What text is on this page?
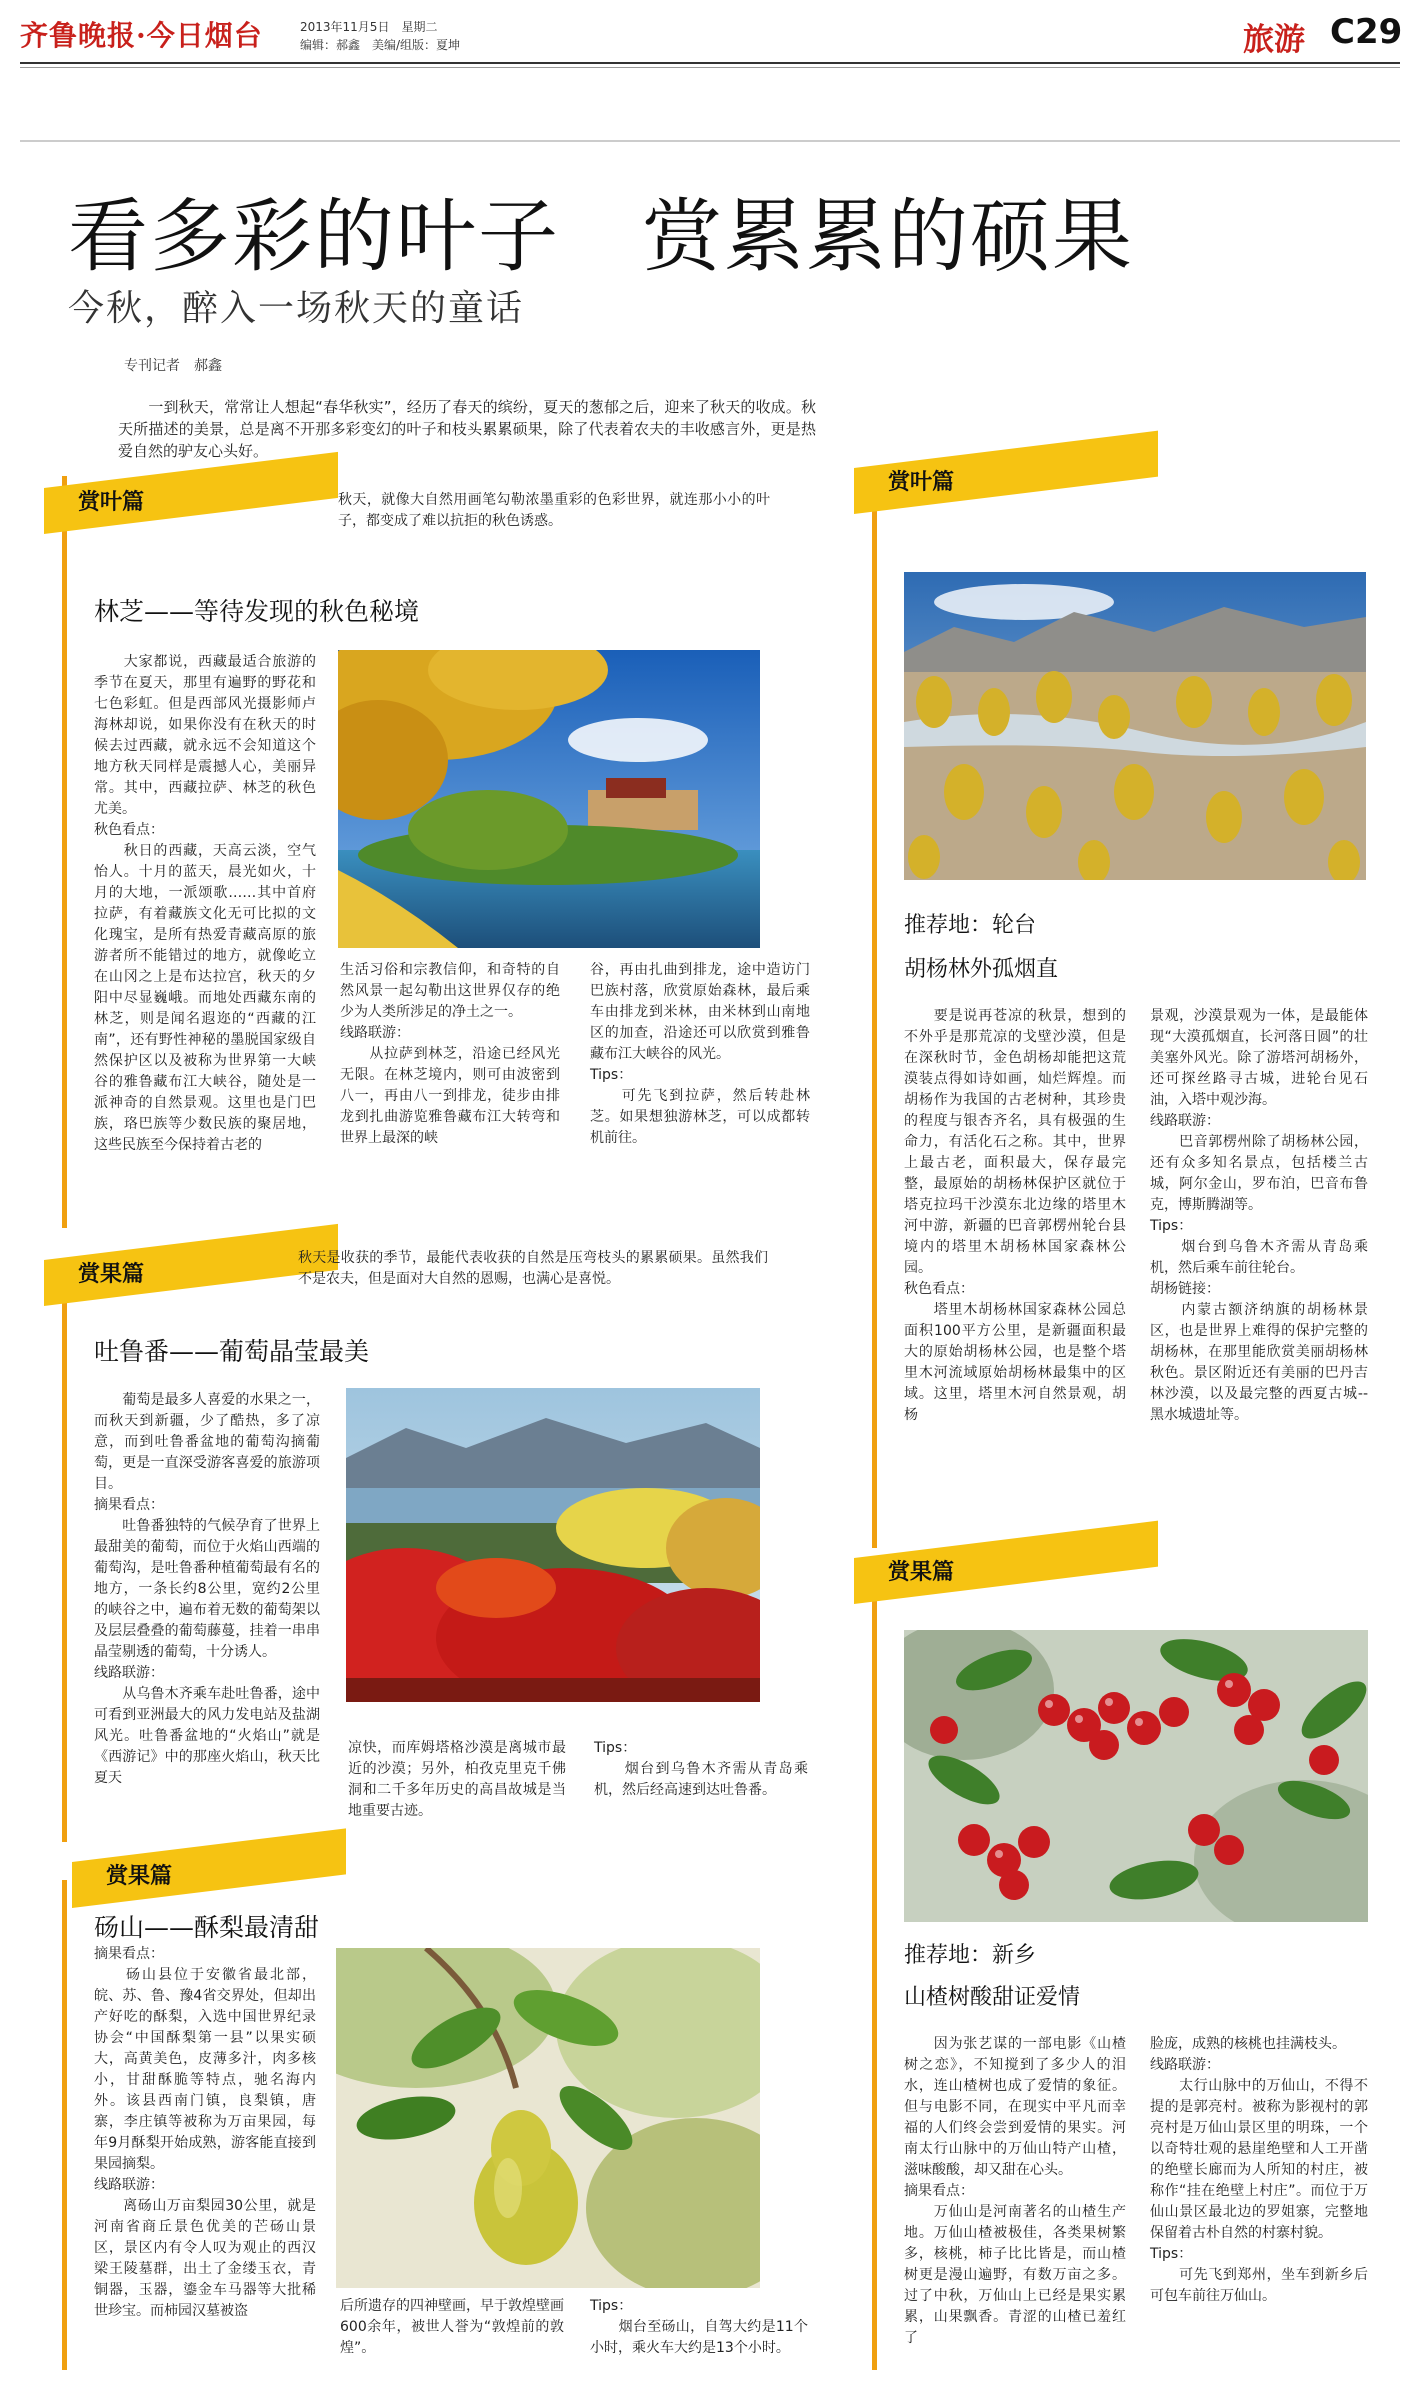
齐鲁晚报·今日烟台	2013年11月5日　星期二
编辑：郝鑫　美编/组版：夏坤	旅游 C29
看多彩的叶子　赏累累的硕果
今秋，醉入一场秋天的童话
专刊记者　郝鑫
　　一到秋天，常常让人想起“春华秋实”，经历了春天的缤纷，夏天的葱郁之后，迎来了秋天的收成。秋天所描述的美景，总是离不开那多彩变幻的叶子和枝头累累硕果，除了代表着农夫的丰收感言外，更是热爱自然的驴友心头好。
赏叶篇
赏叶篇
赏果篇
赏果篇
赏果篇
秋天，就像大自然用画笔勾勒浓墨重彩的色彩世界，就连那小小的叶子，都变成了难以抗拒的秋色诱惑。
秋天是收获的季节，最能代表收获的自然是压弯枝头的累累硕果。虽然我们不是农夫，但是面对大自然的恩赐，也满心是喜悦。
林芝——等待发现的秋色秘境
　　大家都说，西藏最适合旅游的季节在夏天，那里有遍野的野花和七色彩虹。但是西部风光摄影师卢海林却说，如果你没有在秋天的时候去过西藏，就永远不会知道这个地方秋天同样是震撼人心，美丽异常。其中，西藏拉萨、林芝的秋色尤美。
秋色看点：
　　秋日的西藏，天高云淡，空气怡人。十月的蓝天，晨光如火，十月的大地，一派颂歌……其中首府拉萨，有着藏族文化无可比拟的文化瑰宝，是所有热爱青藏高原的旅游者所不能错过的地方，就像屹立在山冈之上是布达拉宫，秋天的夕阳中尽显巍峨。而地处西藏东南的林芝，则是闻名遐迩的“西藏的江南”，还有野性神秘的墨脱国家级自然保护区以及被称为世界第一大峡谷的雅鲁藏布江大峡谷，随处是一派神奇的自然景观。这里也是门巴族，珞巴族等少数民族的聚居地，这些民族至今保持着古老的
生活习俗和宗教信仰，和奇特的自然风景一起勾勒出这世界仅存的绝少为人类所涉足的净土之一。
线路联游：
　　从拉萨到林芝，沿途已经风光无限。在林芝境内，则可由波密到八一，再由八一到排龙，徒步由排龙到扎曲游览雅鲁藏布江大转弯和世界上最深的峡
谷，再由扎曲到排龙，途中造访门巴族村落，欣赏原始森林，最后乘车由排龙到米林，由米林到山南地区的加查，沿途还可以欣赏到雅鲁藏布江大峡谷的风光。
Tips：
　　可先飞到拉萨，然后转赴林芝。如果想独游林芝，可以成都转机前往。
吐鲁番——葡萄晶莹最美
　　葡萄是最多人喜爱的水果之一，而秋天到新疆，少了酷热，多了凉意，而到吐鲁番盆地的葡萄沟摘葡萄，更是一直深受游客喜爱的旅游项目。
摘果看点：
　　吐鲁番独特的气候孕育了世界上最甜美的葡萄，而位于火焰山西端的葡萄沟，是吐鲁番种植葡萄最有名的地方，一条长约8公里，宽约2公里的峡谷之中，遍布着无数的葡萄架以及层层叠叠的葡萄藤蔓，挂着一串串晶莹剔透的葡萄，十分诱人。
线路联游：
　　从乌鲁木齐乘车赴吐鲁番，途中可看到亚洲最大的风力发电站及盐湖风光。吐鲁番盆地的“火焰山”就是《西游记》中的那座火焰山，秋天比夏天
凉快，而库姆塔格沙漠是离城市最近的沙漠；另外，柏孜克里克千佛洞和二千多年历史的高昌故城是当地重要古迹。
Tips：
　　烟台到乌鲁木齐需从青岛乘机，然后经高速到达吐鲁番。
砀山——酥梨最清甜
摘果看点：
　　砀山县位于安徽省最北部，皖、苏、鲁、豫4省交界处，但却出产好吃的酥梨，入选中国世界纪录协会“中国酥梨第一县”以果实硕大，高黄美色，皮薄多汁，肉多核小，甘甜酥脆等特点，驰名海内外。该县西南门镇，良梨镇，唐寨，李庄镇等被称为万亩果园，每年9月酥梨开始成熟，游客能直接到果园摘梨。
线路联游：
　　离砀山万亩梨园30公里，就是河南省商丘景色优美的芒砀山景区，景区内有令人叹为观止的西汉梁王陵墓群，出土了金缕玉衣，青铜器，玉器，鎏金车马器等大批稀世珍宝。而柿园汉墓被盗	后所遗存的四神壁画，早于敦煌壁画600余年，被世人誉为“敦煌前的敦煌”。
Tips：
　　烟台至砀山，自驾大约是11个小时，乘火车大约是13个小时。
推荐地：轮台
胡杨林外孤烟直
　　要是说再苍凉的秋景，想到的不外乎是那荒凉的戈壁沙漠，但是在深秋时节，金色胡杨却能把这荒漠装点得如诗如画，灿烂辉煌。而胡杨作为我国的古老树种，其珍贵的程度与银杏齐名，具有极强的生命力，有活化石之称。其中，世界上最古老，面积最大，保存最完整，最原始的胡杨林保护区就位于塔克拉玛干沙漠东北边缘的塔里木河中游，新疆的巴音郭楞州轮台县境内的塔里木胡杨林国家森林公园。
秋色看点：
　　塔里木胡杨林国家森林公园总面积100平方公里，是新疆面积最大的原始胡杨林公园，也是整个塔里木河流域原始胡杨林最集中的区域。这里，塔里木河自然景观，胡杨
景观，沙漠景观为一体，是最能体现“大漠孤烟直，长河落日圆”的壮美塞外风光。除了游塔河胡杨外，还可探丝路寻古城，进轮台见石油，入塔中观沙海。
线路联游：
　　巴音郭楞州除了胡杨林公园，还有众多知名景点，包括楼兰古城，阿尔金山，罗布泊，巴音布鲁克，博斯腾湖等。
Tips：
　　烟台到乌鲁木齐需从青岛乘机，然后乘车前往轮台。
胡杨链接：
　　内蒙古额济纳旗的胡杨林景区，也是世界上难得的保护完整的胡杨林，在那里能欣赏美丽胡杨林秋色。景区附近还有美丽的巴丹吉林沙漠，以及最完整的西夏古城--黑水城遗址等。
推荐地：新乡
山楂树酸甜证爱情
　　因为张艺谋的一部电影《山楂树之恋》，不知搅到了多少人的泪水，连山楂树也成了爱情的象征。但与电影不同，在现实中平凡而幸福的人们终会尝到爱情的果实。河南太行山脉中的万仙山特产山楂，滋味酸酸，却又甜在心头。
摘果看点：
　　万仙山是河南著名的山楂生产地。万仙山楂被极佳，各类果树繁多，核桃，柿子比比皆是，而山楂树更是漫山遍野，有数万亩之多。过了中秋，万仙山上已经是果实累累，山果飘香。青涩的山楂已羞红了
脸庞，成熟的核桃也挂满枝头。
线路联游：
　　太行山脉中的万仙山，不得不提的是郭亮村。被称为影视村的郭亮村是万仙山景区里的明珠，一个以奇特壮观的悬崖绝壁和人工开凿的绝壁长廊而为人所知的村庄，被称作“挂在绝壁上村庄”。而位于万仙山景区最北边的罗姐寨，完整地保留着古朴自然的村寨村貌。
Tips：
　　可先飞到郑州，坐车到新乡后可包车前往万仙山。
